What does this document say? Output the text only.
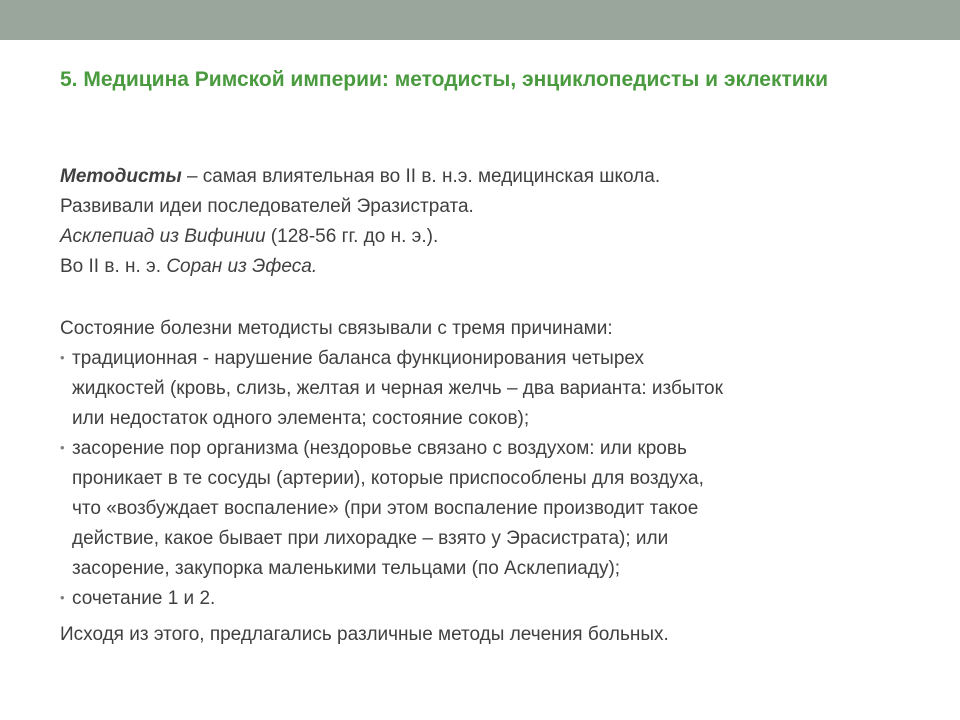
5. Медицина Римской империи: методисты, энциклопедисты и эклектики

Методисты – самая влиятельная во II в. н.э. медицинская школа.

Развивали идеи последователей Эразистрата.

Асклепиад из Вифинии (128-56 гг. до н. э.).

Во II в. н. э. Соран из Эфеса.

Состояние болезни методисты связывали с тремя причинами:

• традиционная - нарушение баланса функционирования четырех
жидкостей (кровь, слизь, желтая и черная желчь – два варианта: избыток
или недостаток одного элемента; состояние соков);
• засорение пор организма (нездоровье связано с воздухом: или кровь
проникает в те сосуды (артерии), которые приспособлены для воздуха,
что «возбуждает воспаление» (при этом воспаление производит такое
действие, какое бывает при лихорадке – взято у Эрасистрата); или
засорение, закупорка маленькими тельцами (по Асклепиаду);
• сочетание 1 и 2.

Исходя из этого, предлагались различные методы лечения больных.
